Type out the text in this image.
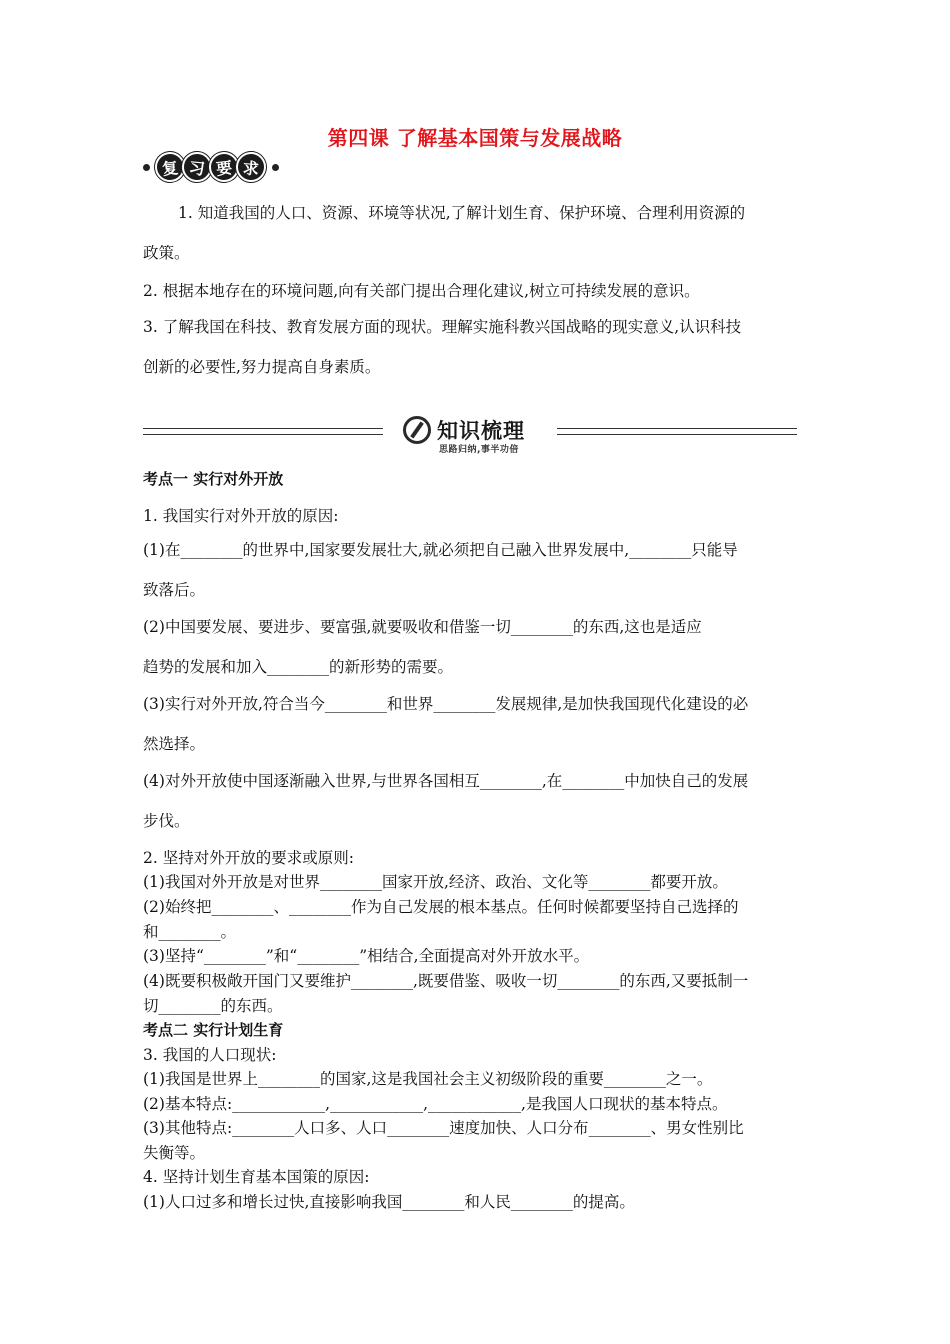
第四课 了解基本国策与发展战略
复 习 要 求
1. 知道我国的人口、资源、环境等状况,了解计划生育、保护环境、合理利用资源的
政策。
2. 根据本地存在的环境问题,向有关部门提出合理化建议,树立可持续发展的意识。
3. 了解我国在科技、教育发展方面的现状。理解实施科教兴国战略的现实意义,认识科技
创新的必要性,努力提高自身素质。
知识梳理
思路归纳,事半功倍
考点一 实行对外开放
1. 我国实行对外开放的原因:
(1)在________的世界中,国家要发展壮大,就必须把自己融入世界发展中,________只能导
致落后。
(2)中国要发展、要进步、要富强,就要吸收和借鉴一切________的东西,这也是适应
趋势的发展和加入________的新形势的需要。
(3)实行对外开放,符合当今________和世界________发展规律,是加快我国现代化建设的必
然选择。
(4)对外开放使中国逐渐融入世界,与世界各国相互________,在________中加快自己的发展
步伐。
2. 坚持对外开放的要求或原则:
(1)我国对外开放是对世界________国家开放,经济、政治、文化等________都要开放。
(2)始终把________、________作为自己发展的根本基点。任何时候都要坚持自己选择的
和________。
(3)坚持“________”和“________”相结合,全面提高对外开放水平。
(4)既要积极敞开国门又要维护________,既要借鉴、吸收一切________的东西,又要抵制一
切________的东西。
考点二 实行计划生育
3. 我国的人口现状:
(1)我国是世界上________的国家,这是我国社会主义初级阶段的重要________之一。
(2)基本特点:____________,____________,____________,是我国人口现状的基本特点。
(3)其他特点:________人口多、人口________速度加快、人口分布________、男女性别比
失衡等。
4. 坚持计划生育基本国策的原因:
(1)人口过多和增长过快,直接影响我国________和人民________的提高。
